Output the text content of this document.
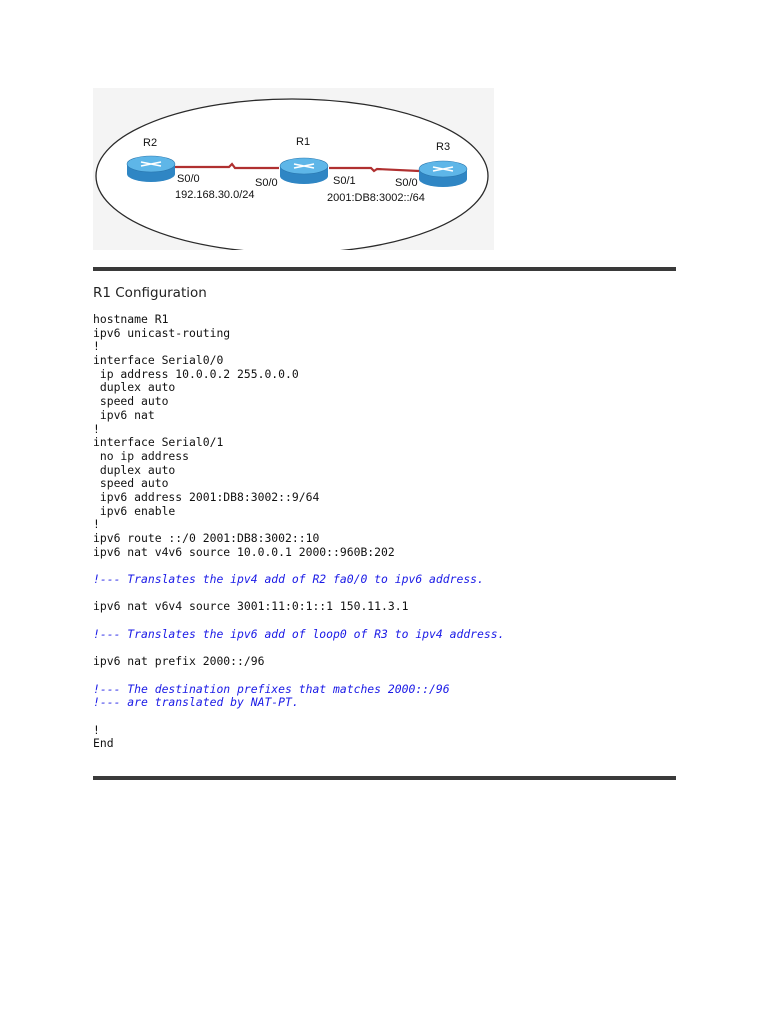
R2	R1	R3
S0/0	S0/0	S0/1	S0/0
192.168.30.0/24	2001:DB8:3002::/64
R1 Configuration
hostname R1
ipv6 unicast-routing
!
interface Serial0/0
ip address 10.0.0.2 255.0.0.0
duplex auto
speed auto
ipv6 nat
!
interface Serial0/1
no ip address
duplex auto
speed auto
ipv6 address 2001:DB8:3002::9/64
ipv6 enable
!
ipv6 route ::/0 2001:DB8:3002::10
ipv6 nat v4v6 source 10.0.0.1 2000::960B:202
!--- Translates the ipv4 add of R2 fa0/0 to ipv6 address.
ipv6 nat v6v4 source 3001:11:0:1::1 150.11.3.1
!--- Translates the ipv6 add of loop0 of R3 to ipv4 address.
ipv6 nat prefix 2000::/96
!--- The destination prefixes that matches 2000::/96
!--- are translated by NAT-PT.
!
End
